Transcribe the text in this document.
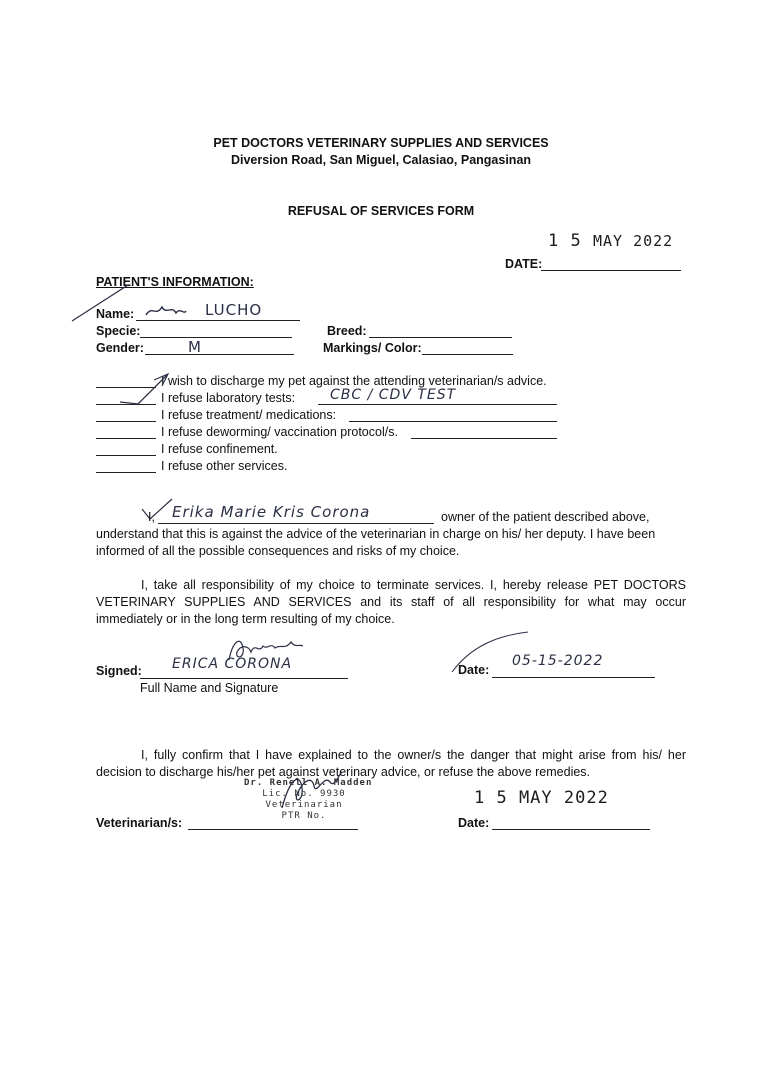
PET DOCTORS VETERINARY SUPPLIES AND SERVICES
Diversion Road, San Miguel, Calasiao, Pangasinan
REFUSAL OF SERVICES FORM
1 5 MAY 2022
DATE:
PATIENT'S INFORMATION:
Name:	LUCHO
Specie:	Breed:
Gender:	M	Markings/ Color:
I wish to discharge my pet against the attending veterinarian/s advice.
I refuse laboratory tests: CBC / CDV TEST
I refuse treatment/ medications:
I refuse deworming/ vaccination protocol/s.
I refuse confinement.
I refuse other services.
I, Erika Marie Kris Corona	owner of the patient described above,
understand that this is against the advice of the veterinarian in charge on his/ her deputy. I have been
informed of all the possible consequences and risks of my choice.
I, take all responsibility of my choice to terminate services. I, hereby release PET DOCTORS VETERINARY SUPPLIES AND SERVICES and its staff of all responsibility for what may occur immediately or in the long term resulting of my choice.
Signed: ERICA CORONA
Full Name and Signature
Date:
05-15-2022
I, fully confirm that I have explained to the owner/s the danger that might arise from his/ her decision to discharge his/her pet against veterinary advice, or refuse the above remedies.
Dr. Renell A. Madden
Lic. No. 9930
Veterinarian
PTR No.
Veterinarian/s:
1 5 MAY 2022
Date:
